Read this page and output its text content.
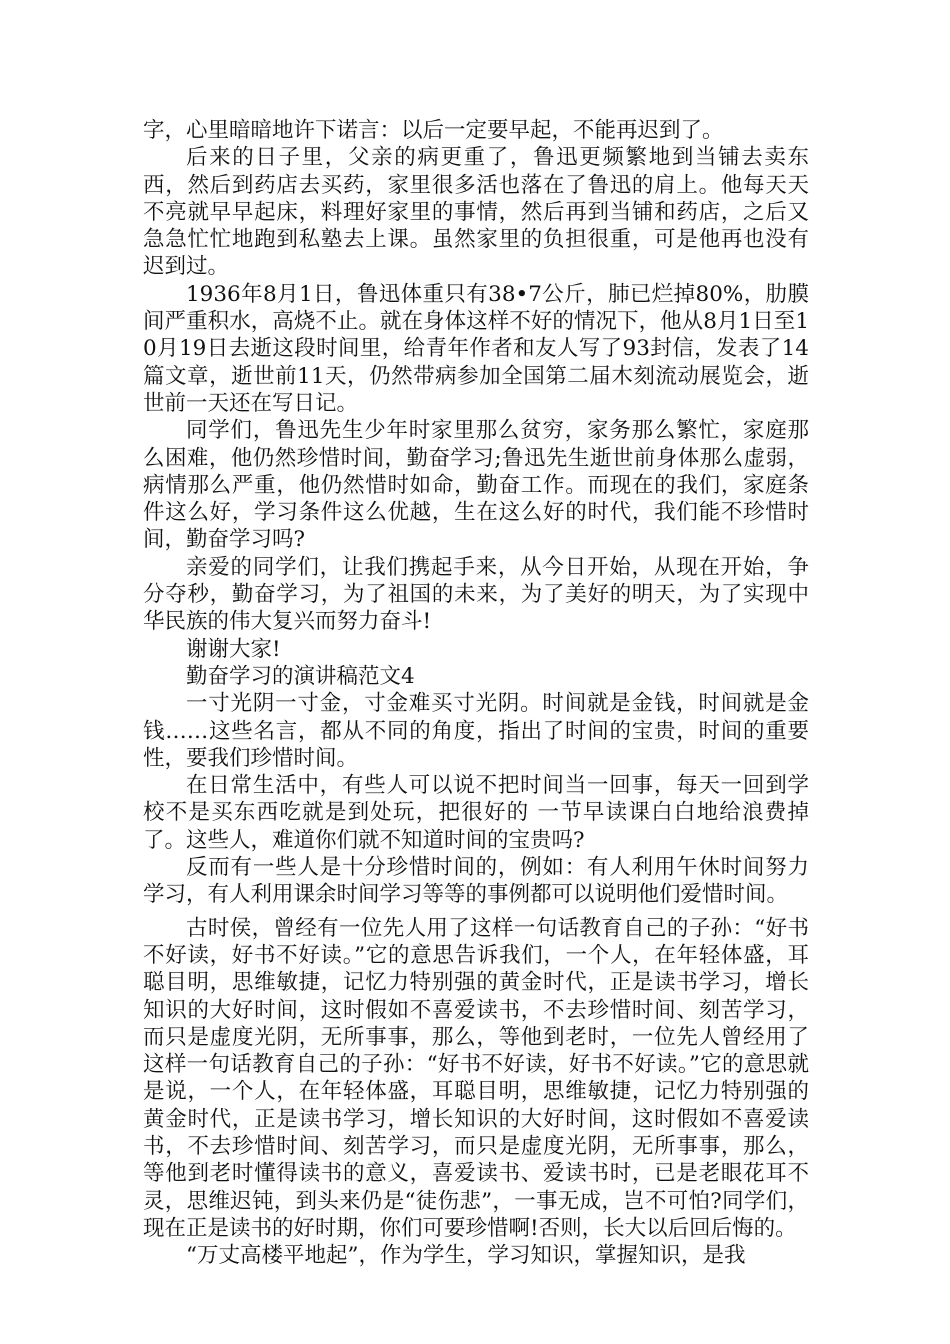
字，心里暗暗地许下诺言：以后一定要早起，不能再迟到了。

后来的日子里，父亲的病更重了，鲁迅更频繁地到当铺去卖东西，然后到药店去买药，家里很多活也落在了鲁迅的肩上。他每天天不亮就早早起床，料理好家里的事情，然后再到当铺和药店，之后又急急忙忙地跑到私塾去上课。虽然家里的负担很重，可是他再也没有迟到过。

1936年8月1日，鲁迅体重只有38•7公斤，肺已烂掉80%，肋膜间严重积水，高烧不止。就在身体这样不好的情况下，他从8月1日至10月19日去逝这段时间里，给青年作者和友人写了93封信，发表了14篇文章，逝世前11天，仍然带病参加全国第二届木刻流动展览会，逝世前一天还在写日记。

同学们，鲁迅先生少年时家里那么贫穷，家务那么繁忙，家庭那么困难，他仍然珍惜时间，勤奋学习;鲁迅先生逝世前身体那么虚弱，病情那么严重，他仍然惜时如命，勤奋工作。而现在的我们，家庭条件这么好，学习条件这么优越，生在这么好的时代，我们能不珍惜时间，勤奋学习吗?

亲爱的同学们，让我们携起手来，从今日开始，从现在开始，争分夺秒，勤奋学习，为了祖国的未来，为了美好的明天，为了实现中华民族的伟大复兴而努力奋斗!

谢谢大家!

勤奋学习的演讲稿范文4

一寸光阴一寸金，寸金难买寸光阴。时间就是金钱，时间就是金钱……这些名言，都从不同的角度，指出了时间的宝贵，时间的重要性，要我们珍惜时间。

在日常生活中，有些人可以说不把时间当一回事，每天一回到学校不是买东西吃就是到处玩，把很好的 一节早读课白白地给浪费掉了。这些人，难道你们就不知道时间的宝贵吗?

反而有一些人是十分珍惜时间的，例如：有人利用午休时间努力学习，有人利用课余时间学习等等的事例都可以说明他们爱惜时间。

古时侯，曾经有一位先人用了这样一句话教育自己的子孙：“好书不好读，好书不好读。”它的意思告诉我们，一个人，在年轻体盛，耳聪目明，思维敏捷，记忆力特别强的黄金时代，正是读书学习，增长知识的大好时间，这时假如不喜爱读书，不去珍惜时间、刻苦学习，而只是虚度光阴，无所事事，那么，等他到老时，一位先人曾经用了这样一句话教育自己的子孙：“好书不好读，好书不好读。”它的意思就是说，一个人，在年轻体盛，耳聪目明，思维敏捷，记忆力特别强的黄金时代，正是读书学习，增长知识的大好时间，这时假如不喜爱读书，不去珍惜时间、刻苦学习，而只是虚度光阴，无所事事，那么，等他到老时懂得读书的意义，喜爱读书、爱读书时，已是老眼花耳不灵，思维迟钝，到头来仍是“徒伤悲”，一事无成，岂不可怕?同学们，现在正是读书的好时期，你们可要珍惜啊!否则，长大以后回后悔的。

“万丈高楼平地起”，作为学生，学习知识，掌握知识，是我
